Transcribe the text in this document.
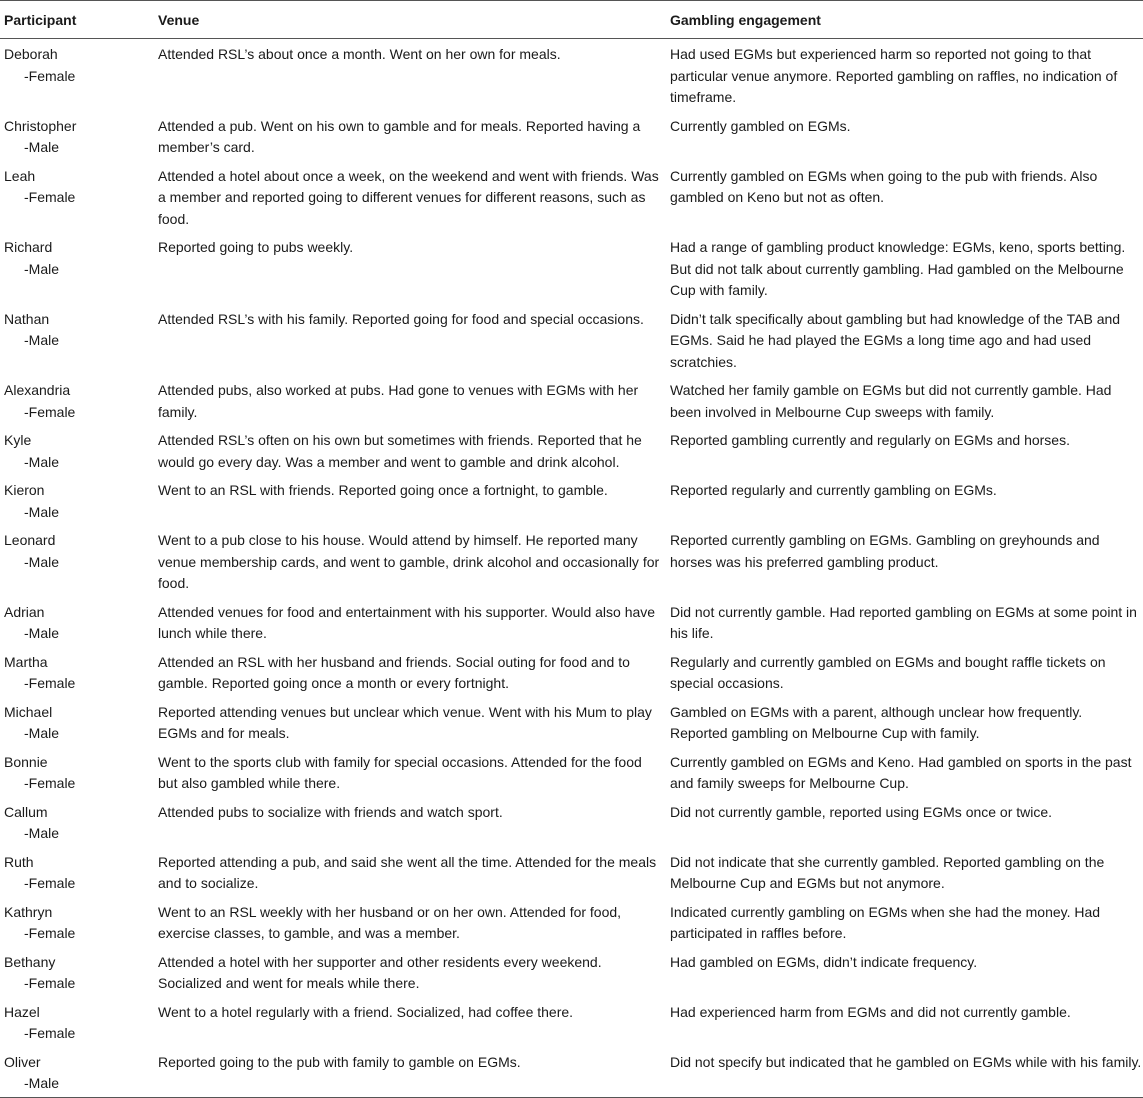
Participant	Venue	Gambling engagement

Deborah
-Female	Attended RSL’s about once a month. Went on her own for meals.	Had used EGMs but experienced harm so reported not going to that particular venue anymore. Reported gambling on raffles, no indication of timeframe.

Christopher
-Male	Attended a pub. Went on his own to gamble and for meals. Reported having a member’s card.	Currently gambled on EGMs.

Leah
-Female	Attended a hotel about once a week, on the weekend and went with friends. Was a member and reported going to different venues for different reasons, such as food.	Currently gambled on EGMs when going to the pub with friends. Also gambled on Keno but not as often.

Richard
-Male	Reported going to pubs weekly.	Had a range of gambling product knowledge: EGMs, keno, sports betting. But did not talk about currently gambling. Had gambled on the Melbourne Cup with family.

Nathan
-Male	Attended RSL’s with his family. Reported going for food and special occasions.	Didn’t talk specifically about gambling but had knowledge of the TAB and EGMs. Said he had played the EGMs a long time ago and had used scratchies.

Alexandria
-Female	Attended pubs, also worked at pubs. Had gone to venues with EGMs with her family.	Watched her family gamble on EGMs but did not currently gamble. Had been involved in Melbourne Cup sweeps with family.

Kyle
-Male	Attended RSL’s often on his own but sometimes with friends. Reported that he would go every day. Was a member and went to gamble and drink alcohol.	Reported gambling currently and regularly on EGMs and horses.

Kieron
-Male	Went to an RSL with friends. Reported going once a fortnight, to gamble.	Reported regularly and currently gambling on EGMs.

Leonard
-Male	Went to a pub close to his house. Would attend by himself. He reported many venue membership cards, and went to gamble, drink alcohol and occasionally for food.	Reported currently gambling on EGMs. Gambling on greyhounds and horses was his preferred gambling product.

Adrian
-Male	Attended venues for food and entertainment with his supporter. Would also have lunch while there.	Did not currently gamble. Had reported gambling on EGMs at some point in his life.

Martha
-Female	Attended an RSL with her husband and friends. Social outing for food and to gamble. Reported going once a month or every fortnight.	Regularly and currently gambled on EGMs and bought raffle tickets on special occasions.

Michael
-Male	Reported attending venues but unclear which venue. Went with his Mum to play EGMs and for meals.	Gambled on EGMs with a parent, although unclear how frequently. Reported gambling on Melbourne Cup with family.

Bonnie
-Female	Went to the sports club with family for special occasions. Attended for the food but also gambled while there.	Currently gambled on EGMs and Keno. Had gambled on sports in the past and family sweeps for Melbourne Cup.

Callum
-Male	Attended pubs to socialize with friends and watch sport.	Did not currently gamble, reported using EGMs once or twice.

Ruth
-Female	Reported attending a pub, and said she went all the time. Attended for the meals and to socialize.	Did not indicate that she currently gambled. Reported gambling on the Melbourne Cup and EGMs but not anymore.

Kathryn
-Female	Went to an RSL weekly with her husband or on her own. Attended for food, exercise classes, to gamble, and was a member.	Indicated currently gambling on EGMs when she had the money. Had participated in raffles before.

Bethany
-Female	Attended a hotel with her supporter and other residents every weekend. Socialized and went for meals while there.	Had gambled on EGMs, didn’t indicate frequency.

Hazel
-Female	Went to a hotel regularly with a friend. Socialized, had coffee there.	Had experienced harm from EGMs and did not currently gamble.

Oliver
-Male	Reported going to the pub with family to gamble on EGMs.	Did not specify but indicated that he gambled on EGMs while with his family.
